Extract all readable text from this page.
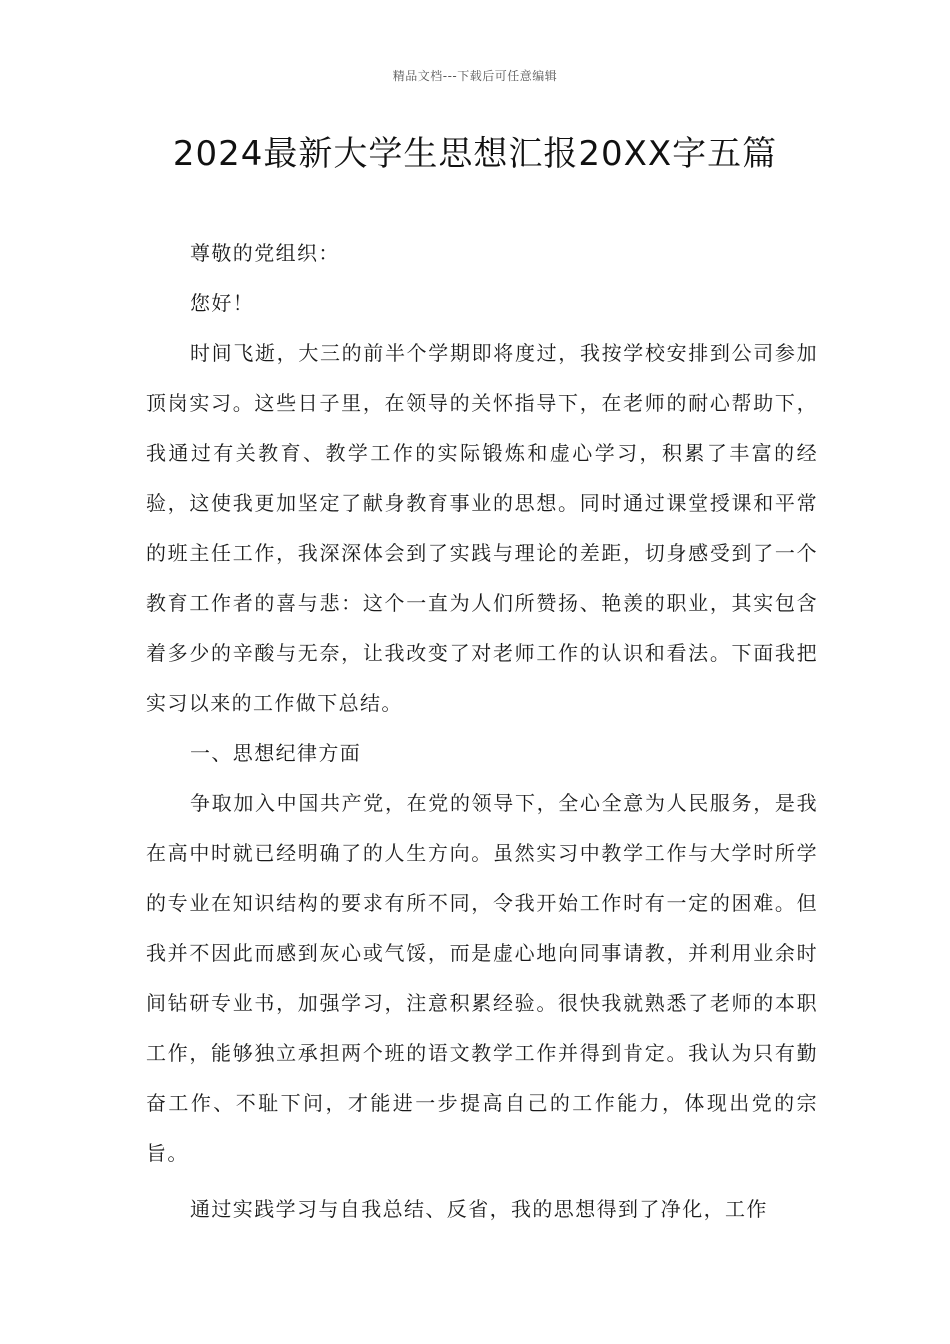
精品文档---下载后可任意编辑
2024最新大学生思想汇报20XX字五篇

尊敬的党组织：

您好！

时间飞逝，大三的前半个学期即将度过，我按学校安排到公司参加顶岗实习。这些日子里，在领导的关怀指导下，在老师的耐心帮助下，我通过有关教育、教学工作的实际锻炼和虚心学习，积累了丰富的经验，这使我更加坚定了献身教育事业的思想。同时通过课堂授课和平常的班主任工作，我深深体会到了实践与理论的差距，切身感受到了一个教育工作者的喜与悲：这个一直为人们所赞扬、艳羡的职业，其实包含着多少的辛酸与无奈，让我改变了对老师工作的认识和看法。下面我把实习以来的工作做下总结。

一、思想纪律方面

争取加入中国共产党，在党的领导下，全心全意为人民服务，是我在高中时就已经明确了的人生方向。虽然实习中教学工作与大学时所学的专业在知识结构的要求有所不同，令我开始工作时有一定的困难。但我并不因此而感到灰心或气馁，而是虚心地向同事请教，并利用业余时间钻研专业书，加强学习，注意积累经验。很快我就熟悉了老师的本职工作，能够独立承担两个班的语文教学工作并得到肯定。我认为只有勤奋工作、不耻下问，才能进一步提高自己的工作能力，体现出党的宗旨。

通过实践学习与自我总结、反省，我的思想得到了净化，工作
